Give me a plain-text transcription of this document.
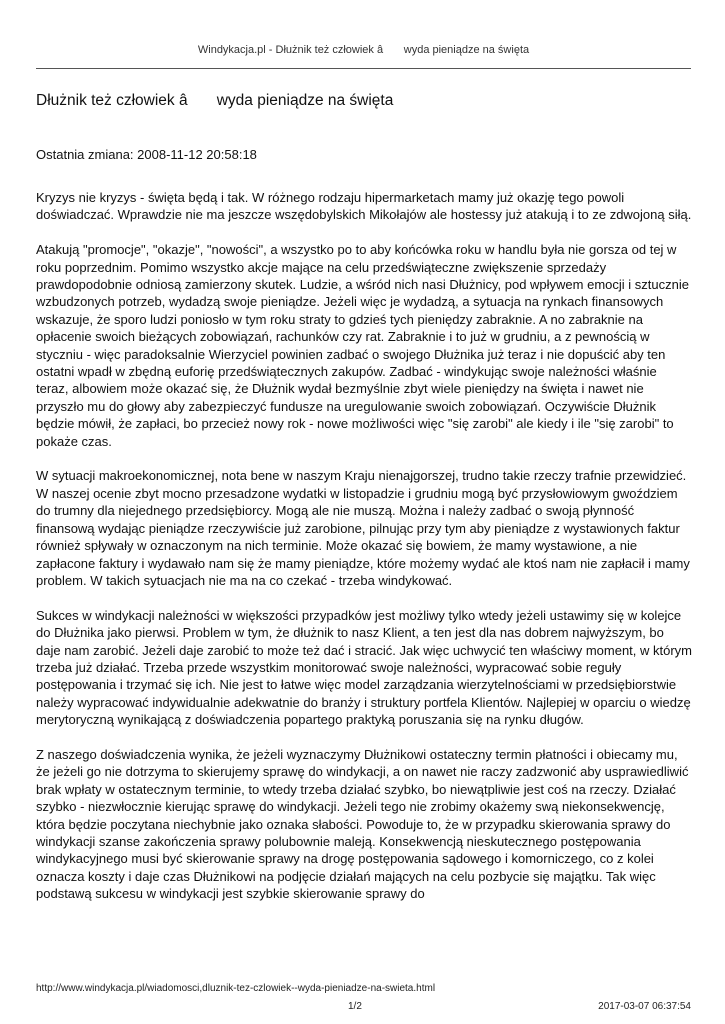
Windykacja.pl - Dłużnik też człowiek â wyda pieniądze na święta
Dłużnik też człowiek â wyda pieniądze na święta
Ostatnia zmiana: 2008-11-12 20:58:18

Kryzys nie kryzys - święta będą i tak. W różnego rodzaju hipermarketach mamy już okazję tego powoli doświadczać. Wprawdzie nie ma jeszcze wszędobylskich Mikołajów ale hostessy już atakują i to ze zdwojoną siłą.

Atakują "promocje", "okazje", "nowości", a wszystko po to aby końcówka roku w handlu była nie gorsza od tej w roku poprzednim. Pomimo wszystko akcje mające na celu przedświąteczne zwiększenie sprzedaży prawdopodobnie odniosą zamierzony skutek. Ludzie, a wśród nich nasi Dłużnicy, pod wpływem emocji i sztucznie wzbudzonych potrzeb, wydadzą swoje pieniądze. Jeżeli więc je wydadzą, a sytuacja na rynkach finansowych wskazuje, że sporo ludzi poniosło w tym roku straty to gdzieś tych pieniędzy zabraknie. A no zabraknie na opłacenie swoich bieżących zobowiązań, rachunków czy rat. Zabraknie i to już w grudniu, a z pewnością w styczniu - więc paradoksalnie Wierzyciel powinien zadbać o swojego Dłużnika już teraz i nie dopuścić aby ten ostatni wpadł w zbędną euforię przedświątecznych zakupów. Zadbać - windykując swoje należności właśnie teraz, albowiem może okazać się, że Dłużnik wydał bezmyślnie zbyt wiele pieniędzy na święta i nawet nie przyszło mu do głowy aby zabezpieczyć fundusze na uregulowanie swoich zobowiązań. Oczywiście Dłużnik będzie mówił, że zapłaci, bo przecież nowy rok - nowe możliwości więc "się zarobi" ale kiedy i ile "się zarobi" to pokaże czas.

W sytuacji makroekonomicznej, nota bene w naszym Kraju nienajgorszej, trudno takie rzeczy trafnie przewidzieć. W naszej ocenie zbyt mocno przesadzone wydatki w listopadzie i grudniu mogą być przysłowiowym gwoździem do trumny dla niejednego przedsiębiorcy. Mogą ale nie muszą. Można i należy zadbać o swoją płynność finansową wydając pieniądze rzeczywiście już zarobione, pilnując przy tym aby pieniądze z wystawionych faktur również spływały w oznaczonym na nich terminie. Może okazać się bowiem, że mamy wystawione, a nie zapłacone faktury i wydawało nam się że mamy pieniądze, które możemy wydać ale ktoś nam nie zapłacił i mamy problem. W takich sytuacjach nie ma na co czekać - trzeba windykować.

Sukces w windykacji należności w większości przypadków jest możliwy tylko wtedy jeżeli ustawimy się w kolejce do Dłużnika jako pierwsi. Problem w tym, że dłużnik to nasz Klient, a ten jest dla nas dobrem najwyższym, bo daje nam zarobić. Jeżeli daje zarobić to może też dać i stracić. Jak więc uchwycić ten właściwy moment, w którym trzeba już działać. Trzeba przede wszystkim monitorować swoje należności, wypracować sobie reguły postępowania i trzymać się ich. Nie jest to łatwe więc model zarządzania wierzytelnościami w przedsiębiorstwie należy wypracować indywidualnie adekwatnie do branży i struktury portfela Klientów. Najlepiej w oparciu o wiedzę merytoryczną wynikającą z doświadczenia popartego praktyką poruszania się na rynku długów.

Z naszego doświadczenia wynika, że jeżeli wyznaczymy Dłużnikowi ostateczny termin płatności i obiecamy mu, że jeżeli go nie dotrzyma to skierujemy sprawę do windykacji, a on nawet nie raczy zadzwonić aby usprawiedliwić brak wpłaty w ostatecznym terminie, to wtedy trzeba działać szybko, bo niewątpliwie jest coś na rzeczy. Działać szybko - niezwłocznie kierując sprawę do windykacji. Jeżeli tego nie zrobimy okażemy swą niekonsekwencję, która będzie poczytana niechybnie jako oznaka słabości. Powoduje to, że w przypadku skierowania sprawy do windykacji szanse zakończenia sprawy polubownie maleją. Konsekwencją nieskutecznego postępowania windykacyjnego musi być skierowanie sprawy na drogę postępowania sądowego i komorniczego, co z kolei oznacza koszty i daje czas Dłużnikowi na podjęcie działań mających na celu pozbycie się majątku. Tak więc podstawą sukcesu w windykacji jest szybkie skierowanie sprawy do

http://www.windykacja.pl/wiadomosci,dluznik-tez-czlowiek--wyda-pieniadze-na-swieta.html
1/2	2017-03-07 06:37:54
